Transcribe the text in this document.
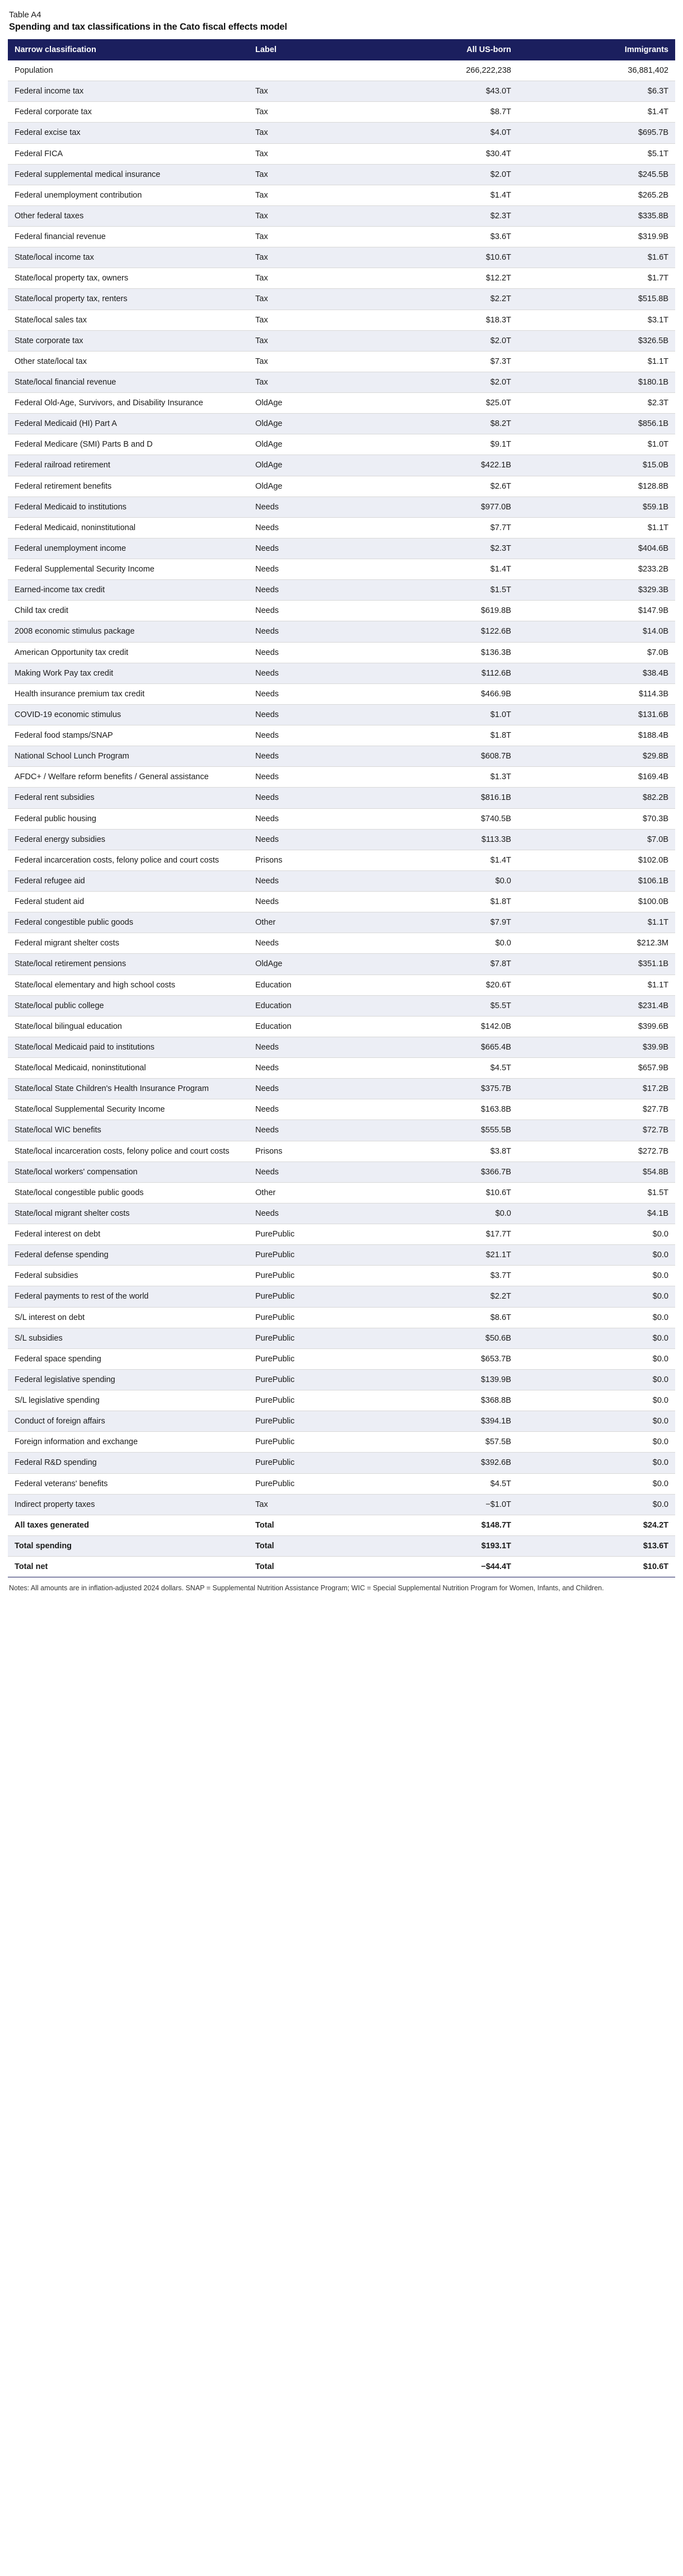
Table A4
Spending and tax classifications in the Cato fiscal effects model
Narrow classification	Label	All US-born	Immigrants
Population		266,222,238	36,881,402
Federal income tax	Tax	$43.0T	$6.3T
Federal corporate tax	Tax	$8.7T	$1.4T
Federal excise tax	Tax	$4.0T	$695.7B
Federal FICA	Tax	$30.4T	$5.1T
Federal supplemental medical insurance	Tax	$2.0T	$245.5B
Federal unemployment contribution	Tax	$1.4T	$265.2B
Other federal taxes	Tax	$2.3T	$335.8B
Federal financial revenue	Tax	$3.6T	$319.9B
State/local income tax	Tax	$10.6T	$1.6T
State/local property tax, owners	Tax	$12.2T	$1.7T
State/local property tax, renters	Tax	$2.2T	$515.8B
State/local sales tax	Tax	$18.3T	$3.1T
State corporate tax	Tax	$2.0T	$326.5B
Other state/local tax	Tax	$7.3T	$1.1T
State/local financial revenue	Tax	$2.0T	$180.1B
Federal Old-Age, Survivors, and Disability Insurance	OldAge	$25.0T	$2.3T
Federal Medicaid (HI) Part A	OldAge	$8.2T	$856.1B
Federal Medicare (SMI) Parts B and D	OldAge	$9.1T	$1.0T
Federal railroad retirement	OldAge	$422.1B	$15.0B
Federal retirement benefits	OldAge	$2.6T	$128.8B
Federal Medicaid to institutions	Needs	$977.0B	$59.1B
Federal Medicaid, noninstitutional	Needs	$7.7T	$1.1T
Federal unemployment income	Needs	$2.3T	$404.6B
Federal Supplemental Security Income	Needs	$1.4T	$233.2B
Earned-income tax credit	Needs	$1.5T	$329.3B
Child tax credit	Needs	$619.8B	$147.9B
2008 economic stimulus package	Needs	$122.6B	$14.0B
American Opportunity tax credit	Needs	$136.3B	$7.0B
Making Work Pay tax credit	Needs	$112.6B	$38.4B
Health insurance premium tax credit	Needs	$466.9B	$114.3B
COVID-19 economic stimulus	Needs	$1.0T	$131.6B
Federal food stamps/SNAP	Needs	$1.8T	$188.4B
National School Lunch Program	Needs	$608.7B	$29.8B
AFDC+ / Welfare reform benefits / General assistance	Needs	$1.3T	$169.4B
Federal rent subsidies	Needs	$816.1B	$82.2B
Federal public housing	Needs	$740.5B	$70.3B
Federal energy subsidies	Needs	$113.3B	$7.0B
Federal incarceration costs, felony police and court costs	Prisons	$1.4T	$102.0B
Federal refugee aid	Needs	$0.0	$106.1B
Federal student aid	Needs	$1.8T	$100.0B
Federal congestible public goods	Other	$7.9T	$1.1T
Federal migrant shelter costs	Needs	$0.0	$212.3M
State/local retirement pensions	OldAge	$7.8T	$351.1B
State/local elementary and high school costs	Education	$20.6T	$1.1T
State/local public college	Education	$5.5T	$231.4B
State/local bilingual education	Education	$142.0B	$399.6B
State/local Medicaid paid to institutions	Needs	$665.4B	$39.9B
State/local Medicaid, noninstitutional	Needs	$4.5T	$657.9B
State/local State Children's Health Insurance Program	Needs	$375.7B	$17.2B
State/local Supplemental Security Income	Needs	$163.8B	$27.7B
State/local WIC benefits	Needs	$555.5B	$72.7B
State/local incarceration costs, felony police and court costs	Prisons	$3.8T	$272.7B
State/local workers' compensation	Needs	$366.7B	$54.8B
State/local congestible public goods	Other	$10.6T	$1.5T
State/local migrant shelter costs	Needs	$0.0	$4.1B
Federal interest on debt	PurePublic	$17.7T	$0.0
Federal defense spending	PurePublic	$21.1T	$0.0
Federal subsidies	PurePublic	$3.7T	$0.0
Federal payments to rest of the world	PurePublic	$2.2T	$0.0
S/L interest on debt	PurePublic	$8.6T	$0.0
S/L subsidies	PurePublic	$50.6B	$0.0
Federal space spending	PurePublic	$653.7B	$0.0
Federal legislative spending	PurePublic	$139.9B	$0.0
S/L legislative spending	PurePublic	$368.8B	$0.0
Conduct of foreign affairs	PurePublic	$394.1B	$0.0
Foreign information and exchange	PurePublic	$57.5B	$0.0
Federal R&D spending	PurePublic	$392.6B	$0.0
Federal veterans' benefits	PurePublic	$4.5T	$0.0
Indirect property taxes	Tax	−$1.0T	$0.0
All taxes generated	Total	$148.7T	$24.2T
Total spending	Total	$193.1T	$13.6T
Total net	Total	−$44.4T	$10.6T
Notes: All amounts are in inflation-adjusted 2024 dollars. SNAP = Supplemental Nutrition Assistance Program; WIC = Special Supplemental Nutrition Program for Women, Infants, and Children.
